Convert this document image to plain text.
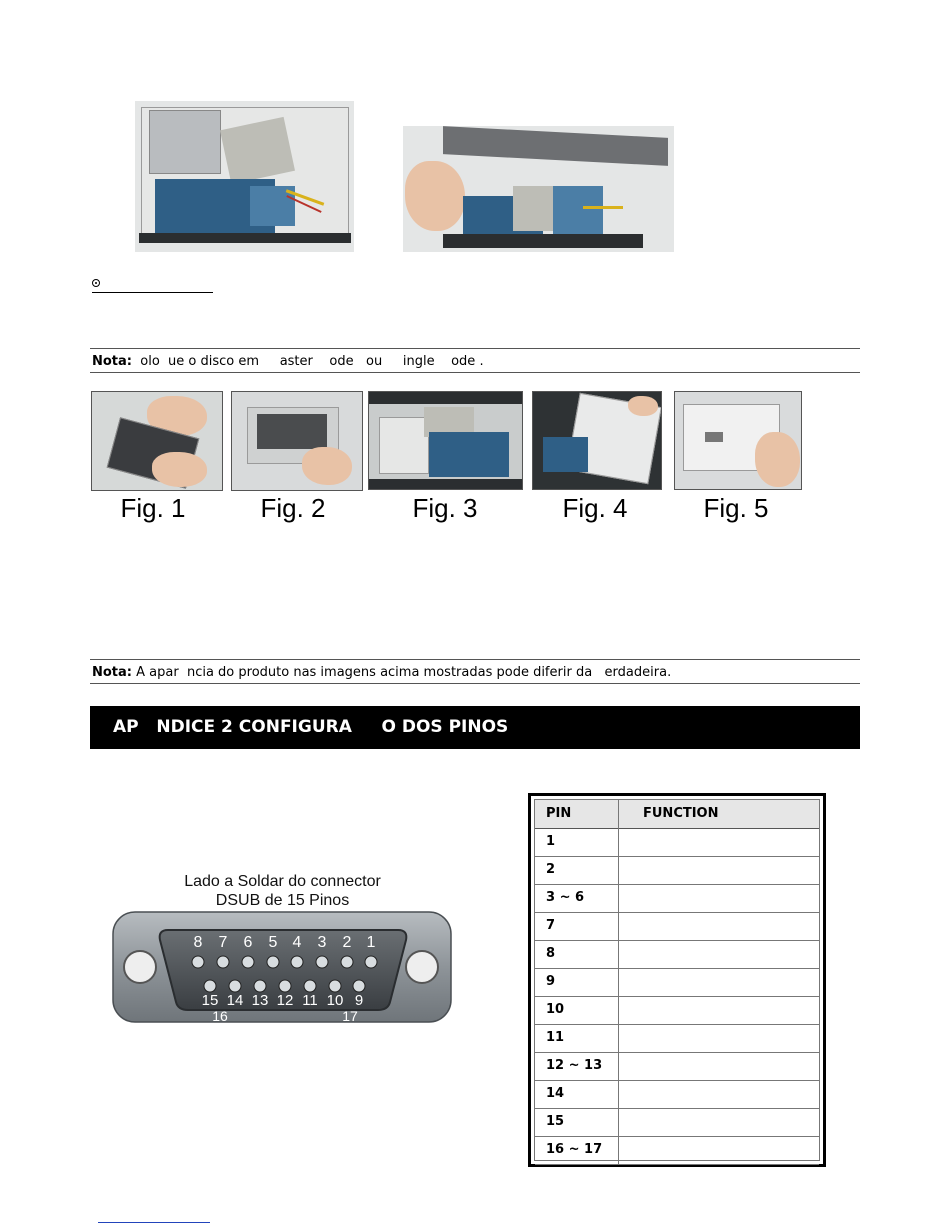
Nota:  olo  ue o disco em     aster    ode   ou     ingle    ode .
Fig. 1	Fig. 2	Fig. 3	Fig. 4	Fig. 5
Nota: A apar  ncia do produto nas imagens acima mostradas pode diferir da   erdadeira.
AP   NDICE 2 CONFIGURA     O DOS PINOS
Lado a Soldar do connector
DSUB de 15 Pinos
8	7	6	5 4	3	2 1
15 14 13 12 11 10 9
16	17
PIN	FUNCTION
1
2
3 ~ 6
7
8
9
10
11
12 ~ 13
14
15
16 ~ 17
